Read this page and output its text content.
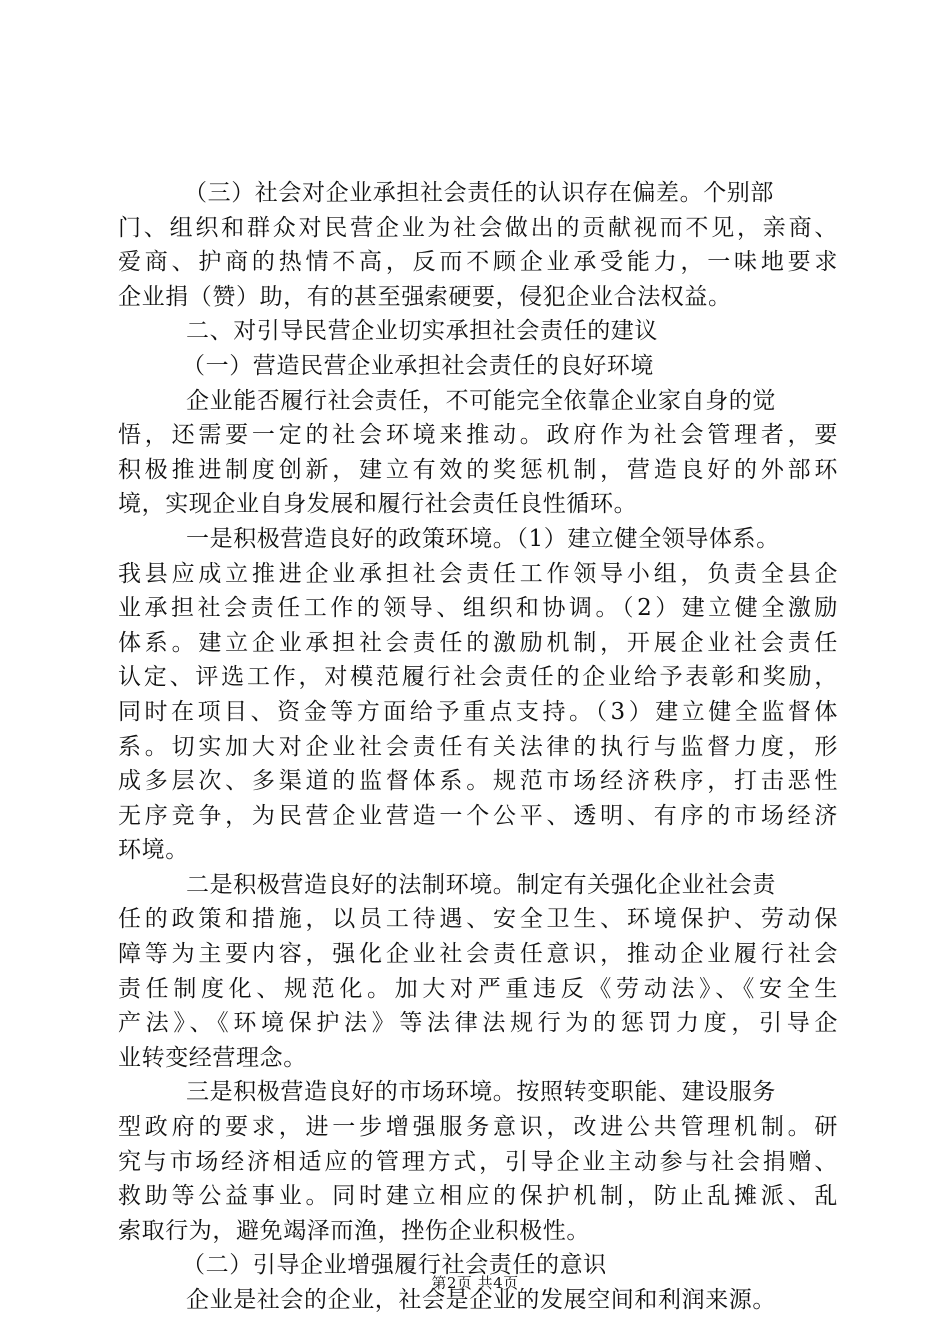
（三）社会对企业承担社会责任的认识存在偏差。个别部
门、组织和群众对民营企业为社会做出的贡献视而不见，亲商、
爱商、护商的热情不高，反而不顾企业承受能力，一味地要求
企业捐（赞）助，有的甚至强索硬要，侵犯企业合法权益。
二、对引导民营企业切实承担社会责任的建议
（一）营造民营企业承担社会责任的良好环境
企业能否履行社会责任，不可能完全依靠企业家自身的觉
悟，还需要一定的社会环境来推动。政府作为社会管理者，要
积极推进制度创新，建立有效的奖惩机制，营造良好的外部环
境，实现企业自身发展和履行社会责任良性循环。
一是积极营造良好的政策环境。（1）建立健全领导体系。
我县应成立推进企业承担社会责任工作领导小组，负责全县企
业承担社会责任工作的领导、组织和协调。（2）建立健全激励
体系。建立企业承担社会责任的激励机制，开展企业社会责任
认定、评选工作，对模范履行社会责任的企业给予表彰和奖励，
同时在项目、资金等方面给予重点支持。（3）建立健全监督体
系。切实加大对企业社会责任有关法律的执行与监督力度，形
成多层次、多渠道的监督体系。规范市场经济秩序，打击恶性
无序竞争，为民营企业营造一个公平、透明、有序的市场经济
环境。
二是积极营造良好的法制环境。制定有关强化企业社会责
任的政策和措施，以员工待遇、安全卫生、环境保护、劳动保
障等为主要内容，强化企业社会责任意识，推动企业履行社会
责任制度化、规范化。加大对严重违反《劳动法》、《安全生
产法》、《环境保护法》等法律法规行为的惩罚力度，引导企
业转变经营理念。
三是积极营造良好的市场环境。按照转变职能、建设服务
型政府的要求，进一步增强服务意识，改进公共管理机制。研
究与市场经济相适应的管理方式，引导企业主动参与社会捐赠、
救助等公益事业。同时建立相应的保护机制，防止乱摊派、乱
索取行为，避免竭泽而渔，挫伤企业积极性。
（二）引导企业增强履行社会责任的意识
企业是社会的企业，社会是企业的发展空间和利润来源。
第2页 共4页
